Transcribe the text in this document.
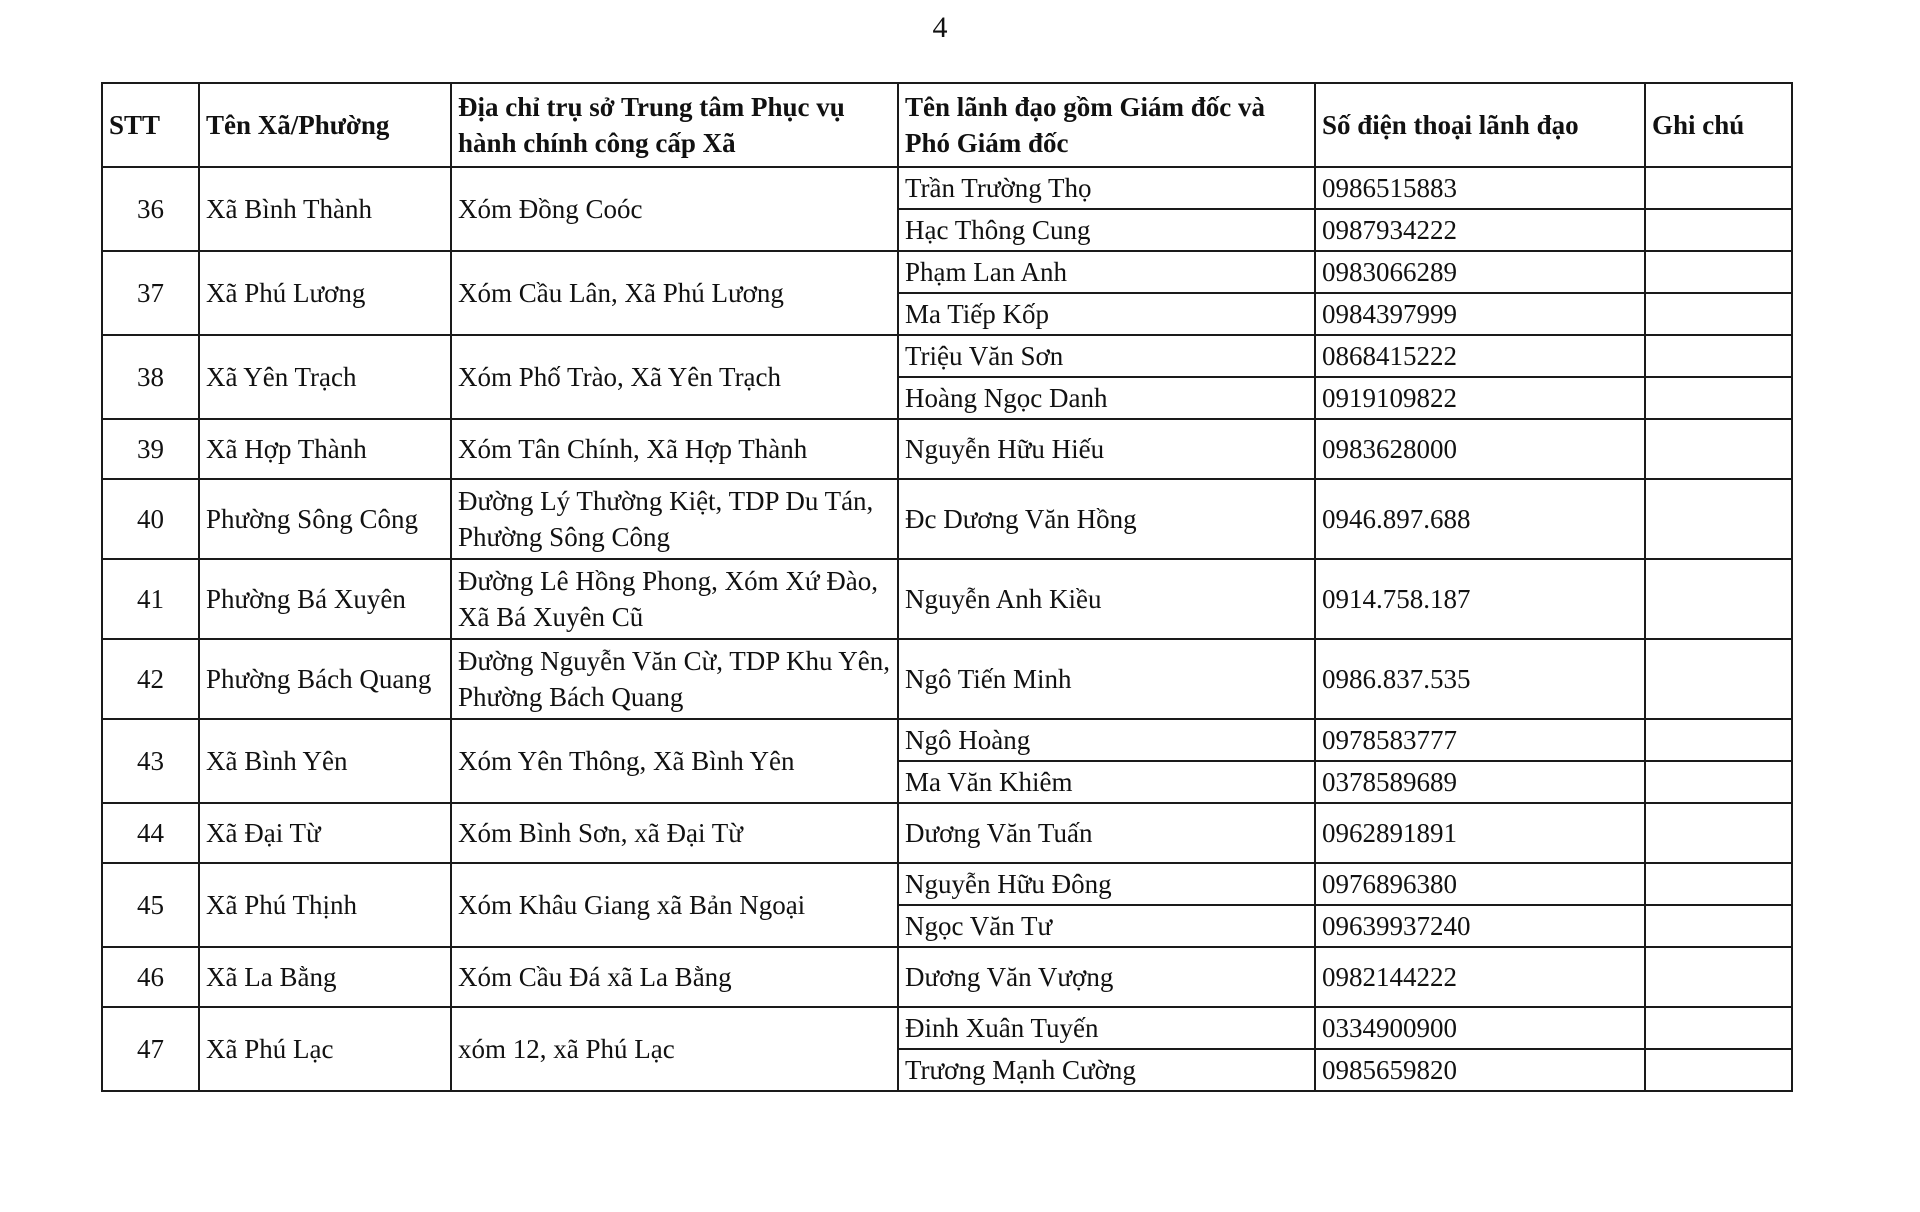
4
STT	Tên Xã/Phường	Địa chỉ trụ sở Trung tâm Phục vụ hành chính công cấp Xã	Tên lãnh đạo gồm Giám đốc và Phó Giám đốc	Số điện thoại lãnh đạo	Ghi chú
36	Xã Bình Thành	Xóm Đồng Coóc	Trần Trường Thọ	0986515883	
			Hạc Thông Cung	0987934222	
37	Xã Phú Lương	Xóm Cầu Lân, Xã Phú Lương	Phạm Lan Anh	0983066289	
			Ma Tiếp Kốp	0984397999	
38	Xã Yên Trạch	Xóm Phố Trào, Xã Yên Trạch	Triệu Văn Sơn	0868415222	
			Hoàng Ngọc Danh	0919109822	
39	Xã Hợp Thành	Xóm Tân Chính, Xã Hợp Thành	Nguyễn Hữu Hiếu	0983628000	
40	Phường Sông Công	Đường Lý Thường Kiệt, TDP Du Tán, Phường Sông Công	Đc Dương Văn Hồng	0946.897.688	
41	Phường Bá Xuyên	Đường Lê Hồng Phong, Xóm Xứ Đào, Xã Bá Xuyên Cũ	Nguyễn Anh Kiều	0914.758.187	
42	Phường Bách Quang	Đường Nguyễn Văn Cừ, TDP Khu Yên, Phường Bách Quang	Ngô Tiến Minh	0986.837.535	
43	Xã Bình Yên	Xóm Yên Thông, Xã Bình Yên	Ngô Hoàng	0978583777	
			Ma Văn Khiêm	0378589689	
44	Xã Đại Từ	Xóm Bình Sơn, xã Đại Từ	Dương Văn Tuấn	0962891891	
45	Xã Phú Thịnh	Xóm Khâu Giang xã Bản Ngoại	Nguyễn Hữu Đông	0976896380	
			Ngọc Văn Tư	09639937240	
46	Xã La Bằng	Xóm Cầu Đá xã La Bằng	Dương Văn Vượng	0982144222	
47	Xã Phú Lạc	xóm 12, xã Phú Lạc	Đinh Xuân Tuyến	0334900900	
			Trương Mạnh Cường	0985659820	
